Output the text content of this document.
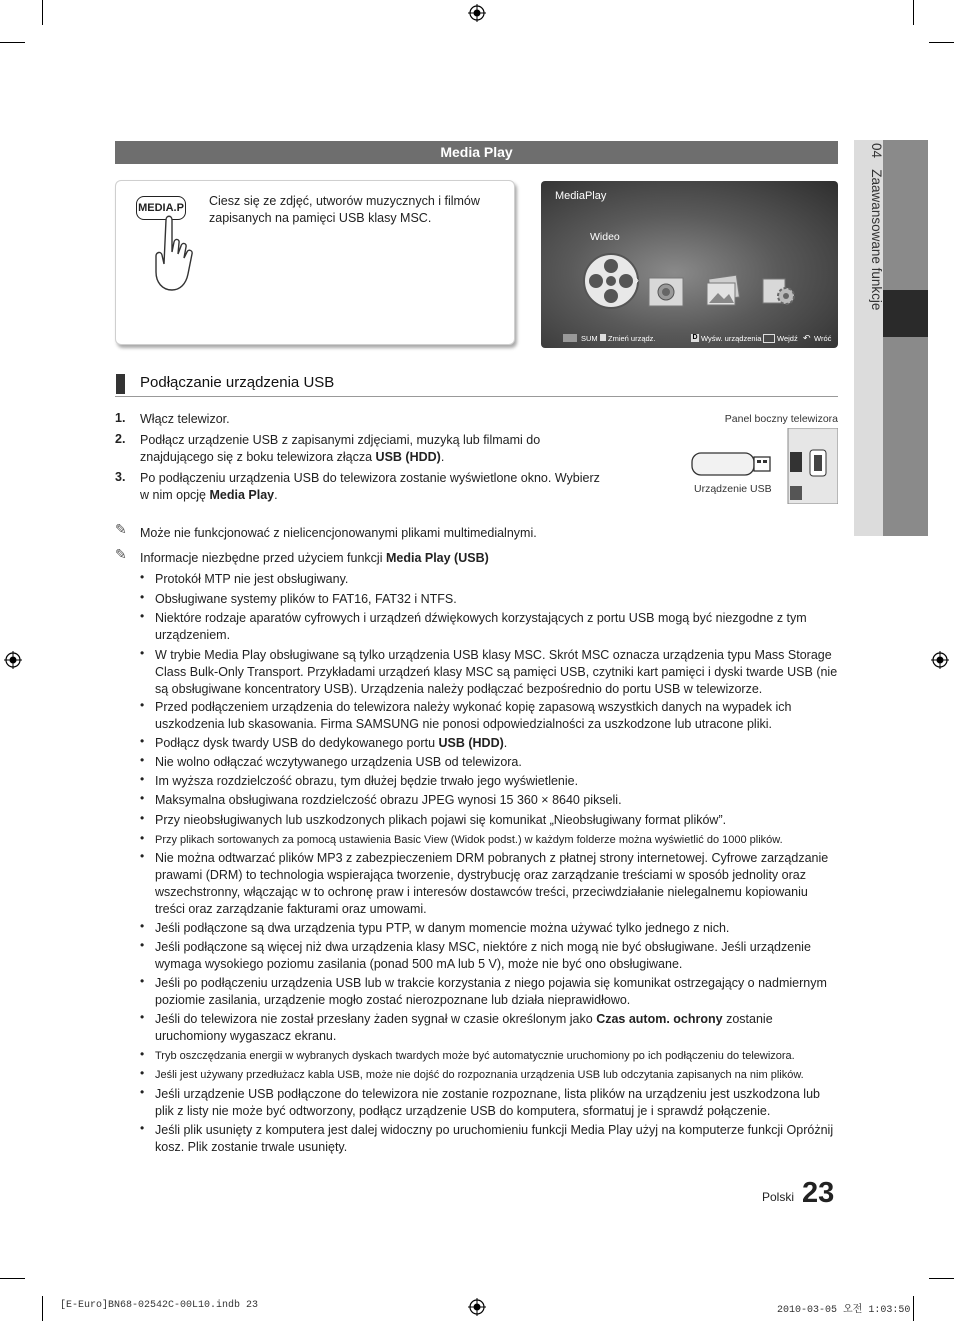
Media Play
MEDIA.P Ciesz się ze zdjęć, utworów muzycznych i filmów zapisanych na pamięci USB klasy MSC.
MediaPlay
Wideo
›
SUM Zmień urządz.	D Wyśw. urządzenia Wejdź ↶ Wróć
Podłączanie urządzenia USB
1. Włącz telewizor.
2. Podłącz urządzenie USB z zapisanymi zdjęciami, muzyką lub filmami do znajdującego się z boku telewizora złącza USB (HDD).
3. Po podłączeniu urządzenia USB do telewizora zostanie wyświetlone okno. Wybierz w nim opcję Media Play.
Panel boczny telewizora
Urządzenie USB
✎ Może nie funkcjonować z nielicencjonowanymi plikami multimedialnymi.
✎ Informacje niezbędne przed użyciem funkcji Media Play (USB)
• Protokół MTP nie jest obsługiwany.
• Obsługiwane systemy plików to FAT16, FAT32 i NTFS.
• Niektóre rodzaje aparatów cyfrowych i urządzeń dźwiękowych korzystających z portu USB mogą być niezgodne z tym urządzeniem.
• W trybie Media Play obsługiwane są tylko urządzenia USB klasy MSC. Skrót MSC oznacza urządzenia typu Mass Storage Class Bulk-Only Transport. Przykładami urządzeń klasy MSC są pamięci USB, czytniki kart pamięci i dyski twarde USB (nie są obsługiwane koncentratory USB). Urządzenia należy podłączać bezpośrednio do portu USB w telewizorze.
• Przed podłączeniem urządzenia do telewizora należy wykonać kopię zapasową wszystkich danych na wypadek ich uszkodzenia lub skasowania. Firma SAMSUNG nie ponosi odpowiedzialności za uszkodzone lub utracone pliki.
• Podłącz dysk twardy USB do dedykowanego portu USB (HDD).
• Nie wolno odłączać wczytywanego urządzenia USB od telewizora.
• Im wyższa rozdzielczość obrazu, tym dłużej będzie trwało jego wyświetlenie.
• Maksymalna obsługiwana rozdzielczość obrazu JPEG wynosi 15 360 × 8640 pikseli.
• Przy nieobsługiwanych lub uszkodzonych plikach pojawi się komunikat „Nieobsługiwany format plików”.
• Przy plikach sortowanych za pomocą ustawienia Basic View (Widok podst.) w każdym folderze można wyświetlić do 1000 plików.
• Nie można odtwarzać plików MP3 z zabezpieczeniem DRM pobranych z płatnej strony internetowej. Cyfrowe zarządzanie prawami (DRM) to technologia wspierająca tworzenie, dystrybucję oraz zarządzanie treściami w sposób jednolity oraz wszechstronny, włączając w to ochronę praw i interesów dostawców treści, przeciwdziałanie nielegalnemu kopiowaniu treści oraz zarządzanie fakturami oraz umowami.
• Jeśli podłączone są dwa urządzenia typu PTP, w danym momencie można używać tylko jednego z nich.
• Jeśli podłączone są więcej niż dwa urządzenia klasy MSC, niektóre z nich mogą nie być obsługiwane. Jeśli urządzenie wymaga wysokiego poziomu zasilania (ponad 500 mA lub 5 V), może nie być ono obsługiwane.
• Jeśli po podłączeniu urządzenia USB lub w trakcie korzystania z niego pojawia się komunikat ostrzegający o nadmiernym poziomie zasilania, urządzenie mogło zostać nierozpoznane lub działa nieprawidłowo.
• Jeśli do telewizora nie został przesłany żaden sygnał w czasie określonym jako Czas autom. ochrony zostanie uruchomiony wygaszacz ekranu.
• Tryb oszczędzania energii w wybranych dyskach twardych może być automatycznie uruchomiony po ich podłączeniu do telewizora.
• Jeśli jest używany przedłużacz kabla USB, może nie dojść do rozpoznania urządzenia USB lub odczytania zapisanych na nim plików.
• Jeśli urządzenie USB podłączone do telewizora nie zostanie rozpoznane, lista plików na urządzeniu jest uszkodzona lub plik z listy nie może być odtworzony, podłącz urządzenie USB do komputera, sformatuj je i sprawdź połączenie.
• Jeśli plik usunięty z komputera jest dalej widoczny po uruchomieniu funkcji Media Play użyj na komputerze funkcji Opróżnij kosz. Plik zostanie trwale usunięty.
04   Zaawansowane funkcje
Polski 23
[E-Euro]BN68-02542C-00L10.indb 23	2010-03-05 오전 1:03:50
